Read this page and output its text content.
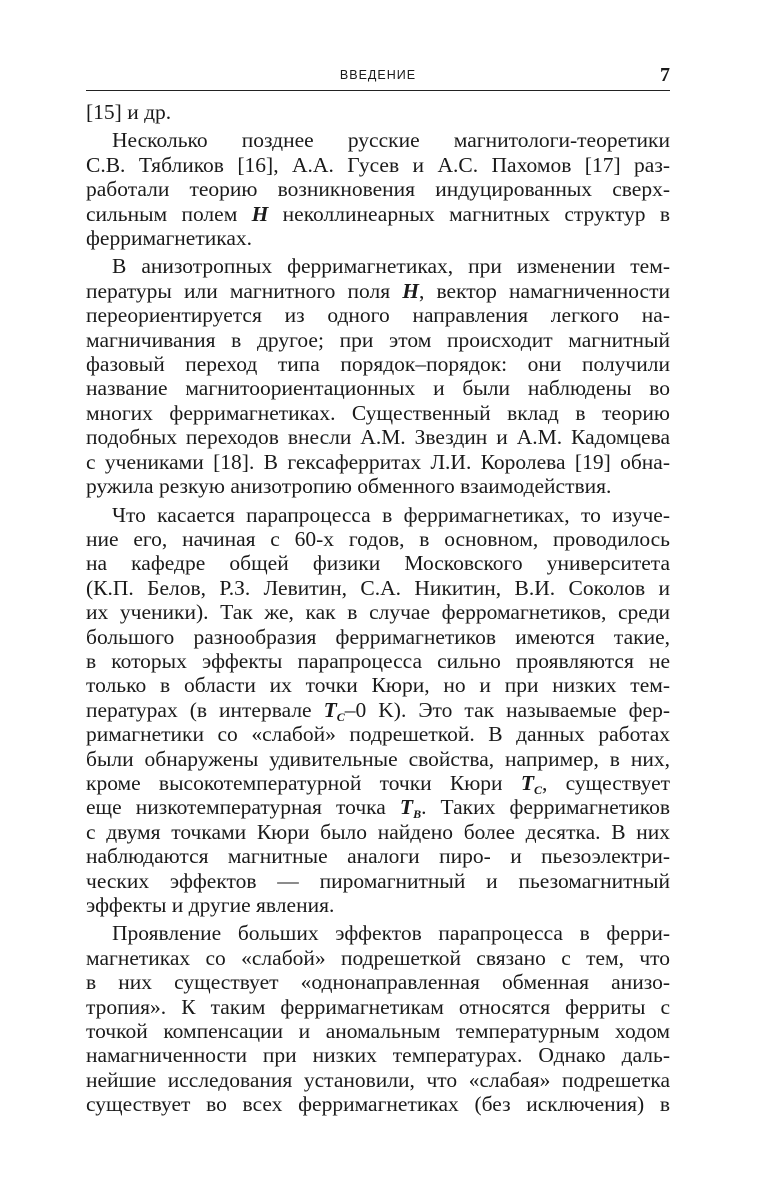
ВВЕДЕНИЕ	7
[15] и др.
Несколько позднее русские магнитологи-теоретики
С.В. Тябликов [16], А.А. Гусев и А.С. Пахомов [17] раз-
работали теорию возникновения индуцированных сверх-
сильным полем H неколлинеарных магнитных структур в
ферримагнетиках.
В анизотропных ферримагнетиках, при изменении тем-
пературы или магнитного поля H, вектор намагниченности
переориентируется из одного направления легкого на-
магничивания в другое; при этом происходит магнитный
фазовый переход типа порядок–порядок: они получили
название магнитоориентационных и были наблюдены во
многих ферримагнетиках. Существенный вклад в теорию
подобных переходов внесли А.М. Звездин и А.М. Кадомцева
с учениками [18]. В гексаферритах Л.И. Королева [19] обна-
ружила резкую анизотропию обменного взаимодействия.
Что касается парапроцесса в ферримагнетиках, то изуче-
ние его, начиная с 60-х годов, в основном, проводилось
на кафедре общей физики Московского университета
(К.П. Белов, Р.З. Левитин, С.А. Никитин, В.И. Соколов и
их ученики). Так же, как в случае ферромагнетиков, среди
большого разнообразия ферримагнетиков имеются такие,
в которых эффекты парапроцесса сильно проявляются не
только в области их точки Кюри, но и при низких тем-
пературах (в интервале $T_C-0$ K). Это так называемые фер-
римагнетики со «слабой» подрешеткой. В данных работах
были обнаружены удивительные свойства, например, в них,
кроме высокотемпературной точки Кюри $T_C$, существует
еще низкотемпературная точка $T_B$. Таких ферримагнетиков
с двумя точками Кюри было найдено более десятка. В них
наблюдаются магнитные аналоги пиро- и пьезоэлектри-
ческих эффектов — пиромагнитный и пьезомагнитный
эффекты и другие явления.
Проявление больших эффектов парапроцесса в ферри-
магнетиках со «слабой» подрешеткой связано с тем, что
в них существует «однонаправленная обменная анизо-
тропия». К таким ферримагнетикам относятся ферриты с
точкой компенсации и аномальным температурным ходом
намагниченности при низких температурах. Однако даль-
нейшие исследования установили, что «слабая» подрешетка
существует во всех ферримагнетиках (без исключения) в
